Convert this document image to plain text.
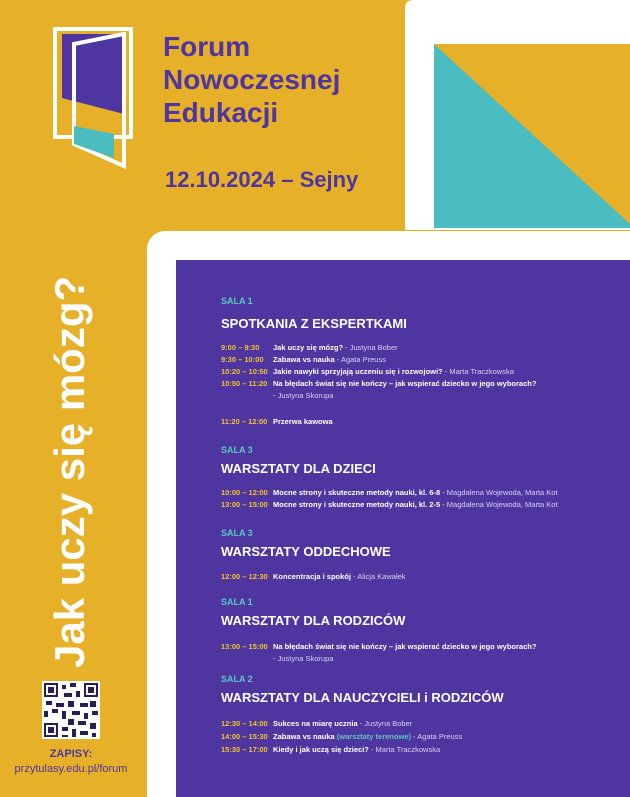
Forum
Nowoczesnej
Edukacji
12.10.2024 – Sejny
Jak uczy się mózg?
ZAPISY:
przytulasy.edu.pl/forum
SALA 1
SPOTKANIA Z EKSPERTKAMI
9:00 – 9:30 Jak uczy się mózg? - Justyna Bober
9:30 – 10:00 Zabawa vs nauka - Agata Preuss
10:20 – 10:50 Jakie nawyki sprzyjają uczeniu się i rozwojowi? - Marta Traczkowska
10:50 – 11:20 Na błędach świat się nie kończy – jak wspierać dziecko w jego wyborach?
- Justyna Skorupa
11:20 – 12:00 Przerwa kawowa
SALA 3
WARSZTATY DLA DZIECI
10:00 – 12:00 Mocne strony i skuteczne metody nauki, kl. 6-8 - Magdalena Wojewoda, Marta Kot
13:00 – 15:00 Mocne strony i skuteczne metody nauki, kl. 2-5 - Magdalena Wojewoda, Marta Kot
SALA 3
WARSZTATY ODDECHOWE
12:00 – 12:30 Koncentracja i spokój - Alicja Kawałek
SALA 1
WARSZTATY DLA RODZICÓW
13:00 – 15:00 Na błędach świat się nie kończy – jak wspierać dziecko w jego wyborach?
- Justyna Skorupa
SALA 2
WARSZTATY DLA NAUCZYCIELI i RODZICÓW
12:30 – 14:00 Sukces na miarę ucznia - Justyna Bober
14:00 – 15:30 Zabawa vs nauka (warsztaty terenowe) - Agata Preuss
15:30 – 17:00 Kiedy i jak uczą się dzieci? - Marta Traczkowska
